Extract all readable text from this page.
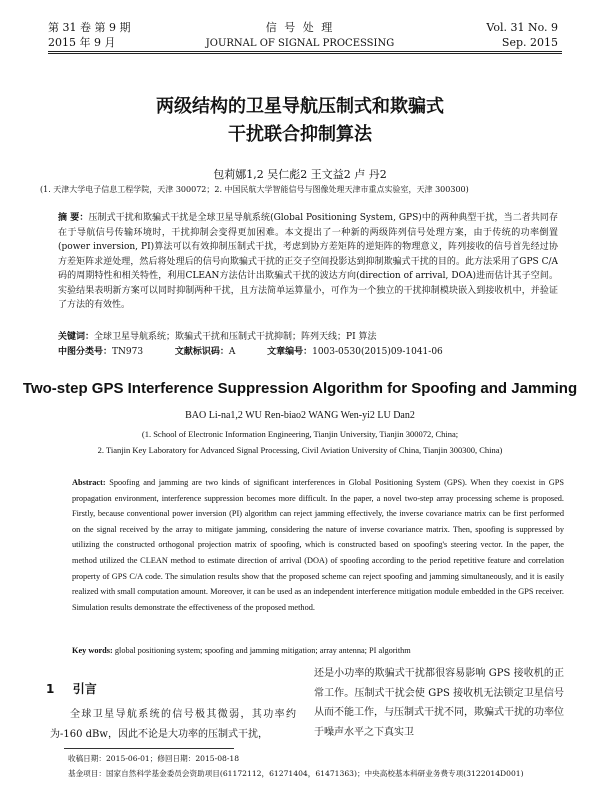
第 31 卷 第 9 期
2015 年 9 月
信 号 处 理
JOURNAL OF SIGNAL PROCESSING
Vol. 31 No. 9
Sep. 2015
两级结构的卫星导航压制式和欺骗式
干扰联合抑制算法
包莉娜1,2 吴仁彪2 王文益2 卢 丹2
(1. 天津大学电子信息工程学院，天津 300072；2. 中国民航大学智能信号与图像处理天津市重点实验室，天津 300300)
摘 要：压制式干扰和欺骗式干扰是全球卫星导航系统(Global Positioning System, GPS)中的两种典型干扰，当二者共同存在于导航信号传输环境时，干扰抑制会变得更加困难。本文提出了一种新的两级阵列信号处理方案，由于传统的功率倒置(power inversion, PI)算法可以有效抑制压制式干扰，考虑到协方差矩阵的逆矩阵的物理意义，阵列接收的信号首先经过协方差矩阵求逆处理，然后将处理后的信号向欺骗式干扰的正交子空间投影达到抑制欺骗式干扰的目的。此方法采用了GPS C/A码的周期特性和相关特性，利用CLEAN方法估计出欺骗式干扰的波达方向(direction of arrival, DOA)进而估计其子空间。实验结果表明新方案可以同时抑制两种干扰，且方法简单运算量小，可作为一个独立的干扰抑制模块嵌入到接收机中，并验证了方法的有效性。
关键词：全球卫星导航系统；欺骗式干扰和压制式干扰抑制；阵列天线；PI 算法
中图分类号：TN973	文献标识码：A	文章编号：1003-0530(2015)09-1041-06
Two-step GPS Interference Suppression Algorithm for Spoofing and Jamming
BAO Li-na1,2 WU Ren-biao2 WANG Wen-yi2 LU Dan2
(1. School of Electronic Information Engineering, Tianjin University, Tianjin 300072, China;
2. Tianjin Key Laboratory for Advanced Signal Processing, Civil Aviation University of China, Tianjin 300300, China)
Abstract: Spoofing and jamming are two kinds of significant interferences in Global Positioning System (GPS). When they coexist in GPS propagation environment, interference suppression becomes more difficult. In the paper, a novel two-step array processing scheme is proposed. Firstly, because conventional power inversion (PI) algorithm can reject jamming effectively, the inverse covariance matrix can be first performed on the signal received by the array to mitigate jamming, considering the nature of inverse covariance matrix. Then, spoofing is suppressed by utilizing the constructed orthogonal projection matrix of spoofing, which is constructed based on spoofing's steering vector. In the paper, the method utilized the CLEAN method to estimate direction of arrival (DOA) of spoofing according to the period repetitive feature and correlation property of GPS C/A code. The simulation results show that the proposed scheme can reject spoofing and jamming simultaneously, and it is easily realized with small computation amount. Moreover, it can be used as an independent interference mitigation module embedded in the GPS receiver. Simulation results demonstrate the effectiveness of the proposed method.
Key words: global positioning system; spoofing and jamming mitigation; array antenna; PI algorithm
1 引言
全球卫星导航系统的信号极其微弱，其功率约为-160 dBw，因此不论是大功率的压制式干扰，
还是小功率的欺骗式干扰都很容易影响 GPS 接收机的正常工作。压制式干扰会使 GPS 接收机无法锁定卫星信号从而不能工作，与压制式干扰不同，欺骗式干扰的功率位于噪声水平之下真实卫
收稿日期：2015-06-01；修回日期：2015-08-18
基金项目：国家自然科学基金委员会资助项目(61172112，61271404，61471363)；中央高校基本科研业务费专项(3122014D001)
